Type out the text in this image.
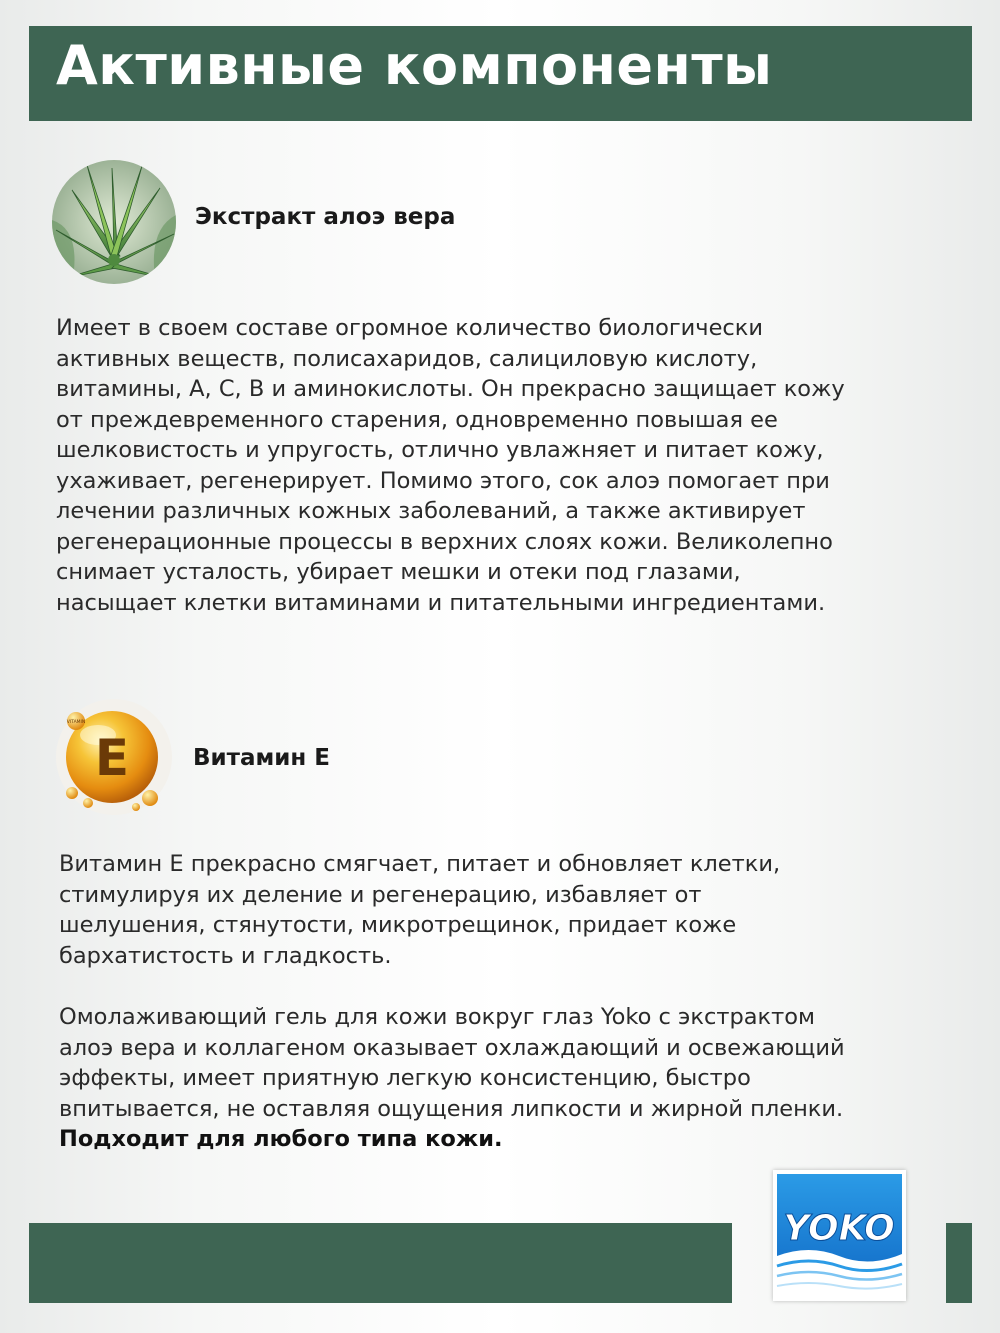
Активные компоненты
Экстракт алоэ вера
Имеет в своем составе огромное количество биологически
активных веществ, полисахаридов, салициловую кислоту,
витамины, А, С, В и аминокислоты. Он прекрасно защищает кожу
от преждевременного старения, одновременно повышая ее
шелковистость и упругость, отлично увлажняет и питает кожу,
ухаживает, регенерирует. Помимо этого, сок алоэ помогает при
лечении различных кожных заболеваний, а также активирует
регенерационные процессы в верхних слоях кожи. Великолепно
снимает усталость, убирает мешки и отеки под глазами,
насыщает клетки витаминами и питательными ингредиентами.
E
VITAMIN
Витамин Е
Витамин Е прекрасно смягчает, питает и обновляет клетки,
стимулируя их деление и регенерацию, избавляет от
шелушения, стянутости, микротрещинок, придает коже
бархатистость и гладкость.
Омолаживающий гель для кожи вокруг глаз Yoko с экстрактом
алоэ вера и коллагеном оказывает охлаждающий и освежающий
эффекты, имеет приятную легкую консистенцию, быстро
впитывается, не оставляя ощущения липкости и жирной пленки.
Подходит для любого типа кожи.
YOKO
